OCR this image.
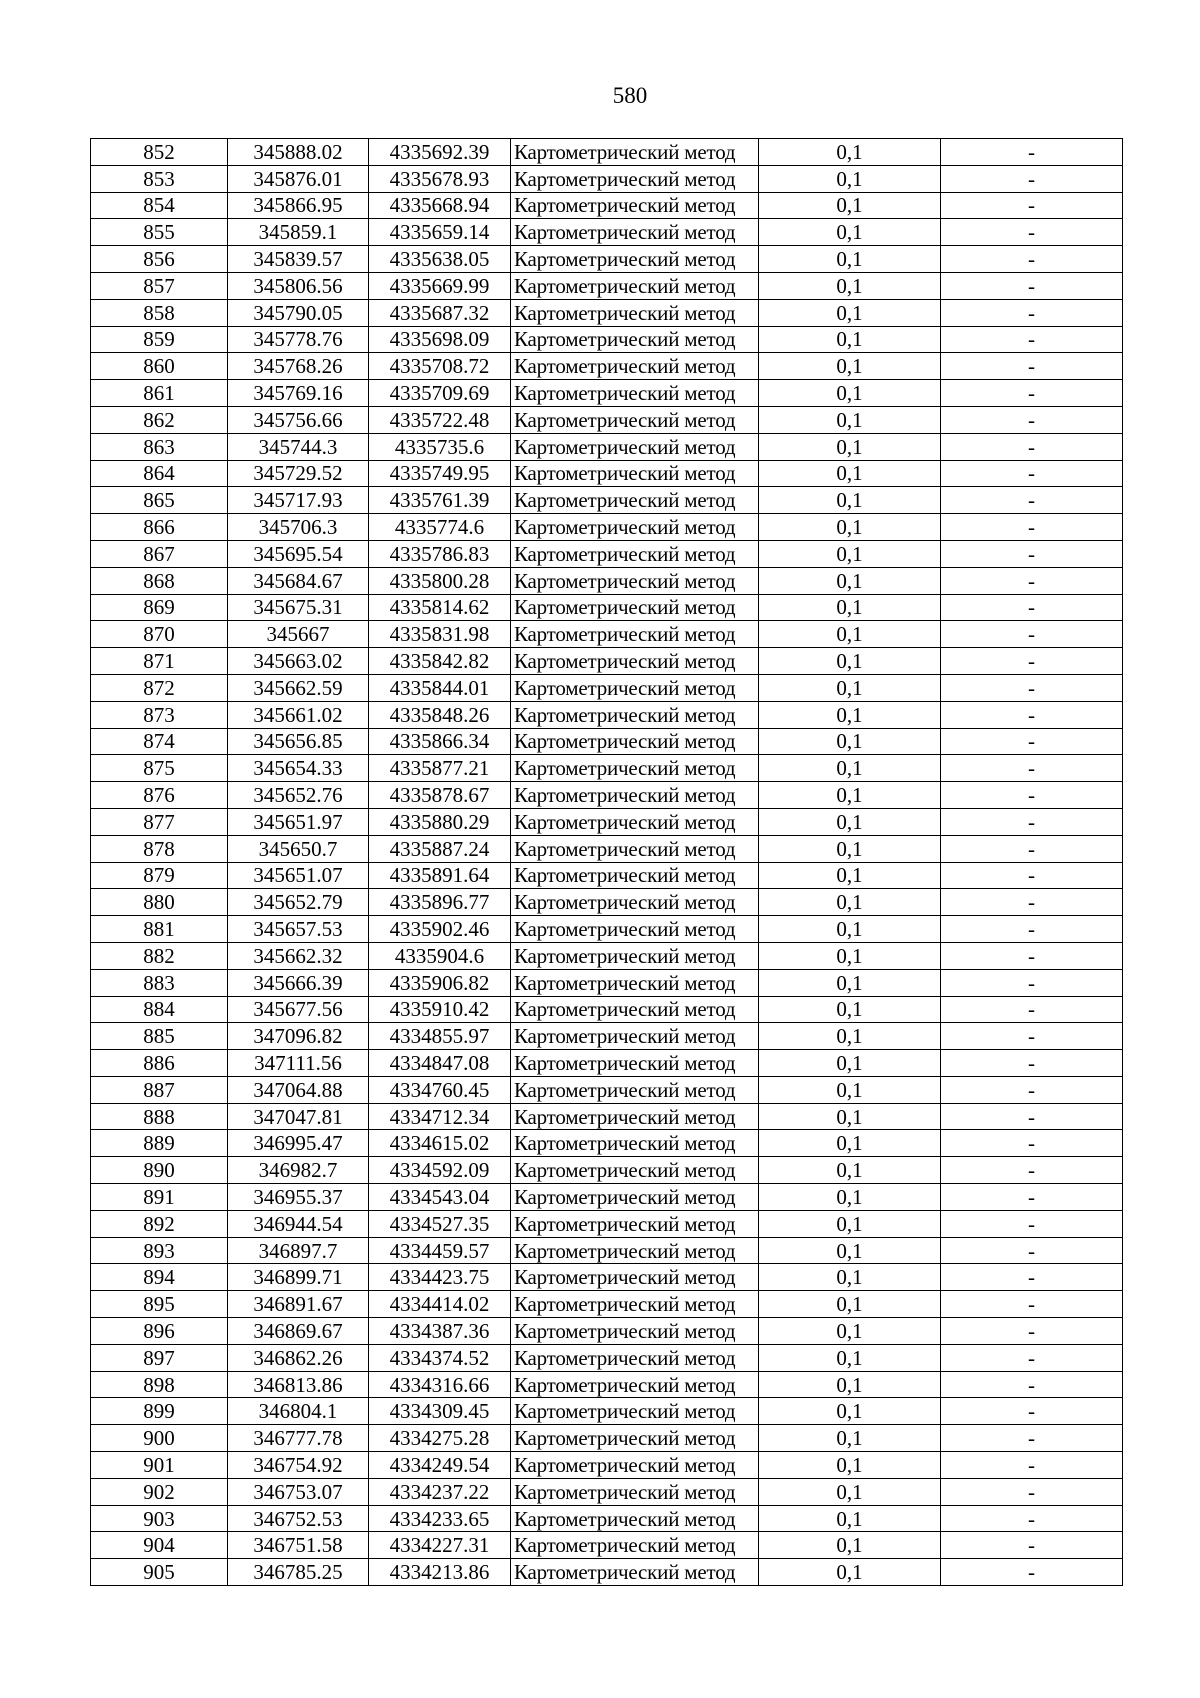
580
852	345888.02	4335692.39	Картометрический метод	0,1	-
853	345876.01	4335678.93	Картометрический метод	0,1	-
854	345866.95	4335668.94	Картометрический метод	0,1	-
855	345859.1	4335659.14	Картометрический метод	0,1	-
856	345839.57	4335638.05	Картометрический метод	0,1	-
857	345806.56	4335669.99	Картометрический метод	0,1	-
858	345790.05	4335687.32	Картометрический метод	0,1	-
859	345778.76	4335698.09	Картометрический метод	0,1	-
860	345768.26	4335708.72	Картометрический метод	0,1	-
861	345769.16	4335709.69	Картометрический метод	0,1	-
862	345756.66	4335722.48	Картометрический метод	0,1	-
863	345744.3	4335735.6	Картометрический метод	0,1	-
864	345729.52	4335749.95	Картометрический метод	0,1	-
865	345717.93	4335761.39	Картометрический метод	0,1	-
866	345706.3	4335774.6	Картометрический метод	0,1	-
867	345695.54	4335786.83	Картометрический метод	0,1	-
868	345684.67	4335800.28	Картометрический метод	0,1	-
869	345675.31	4335814.62	Картометрический метод	0,1	-
870	345667	4335831.98	Картометрический метод	0,1	-
871	345663.02	4335842.82	Картометрический метод	0,1	-
872	345662.59	4335844.01	Картометрический метод	0,1	-
873	345661.02	4335848.26	Картометрический метод	0,1	-
874	345656.85	4335866.34	Картометрический метод	0,1	-
875	345654.33	4335877.21	Картометрический метод	0,1	-
876	345652.76	4335878.67	Картометрический метод	0,1	-
877	345651.97	4335880.29	Картометрический метод	0,1	-
878	345650.7	4335887.24	Картометрический метод	0,1	-
879	345651.07	4335891.64	Картометрический метод	0,1	-
880	345652.79	4335896.77	Картометрический метод	0,1	-
881	345657.53	4335902.46	Картометрический метод	0,1	-
882	345662.32	4335904.6	Картометрический метод	0,1	-
883	345666.39	4335906.82	Картометрический метод	0,1	-
884	345677.56	4335910.42	Картометрический метод	0,1	-
885	347096.82	4334855.97	Картометрический метод	0,1	-
886	347111.56	4334847.08	Картометрический метод	0,1	-
887	347064.88	4334760.45	Картометрический метод	0,1	-
888	347047.81	4334712.34	Картометрический метод	0,1	-
889	346995.47	4334615.02	Картометрический метод	0,1	-
890	346982.7	4334592.09	Картометрический метод	0,1	-
891	346955.37	4334543.04	Картометрический метод	0,1	-
892	346944.54	4334527.35	Картометрический метод	0,1	-
893	346897.7	4334459.57	Картометрический метод	0,1	-
894	346899.71	4334423.75	Картометрический метод	0,1	-
895	346891.67	4334414.02	Картометрический метод	0,1	-
896	346869.67	4334387.36	Картометрический метод	0,1	-
897	346862.26	4334374.52	Картометрический метод	0,1	-
898	346813.86	4334316.66	Картометрический метод	0,1	-
899	346804.1	4334309.45	Картометрический метод	0,1	-
900	346777.78	4334275.28	Картометрический метод	0,1	-
901	346754.92	4334249.54	Картометрический метод	0,1	-
902	346753.07	4334237.22	Картометрический метод	0,1	-
903	346752.53	4334233.65	Картометрический метод	0,1	-
904	346751.58	4334227.31	Картометрический метод	0,1	-
905	346785.25	4334213.86	Картометрический метод	0,1	-
